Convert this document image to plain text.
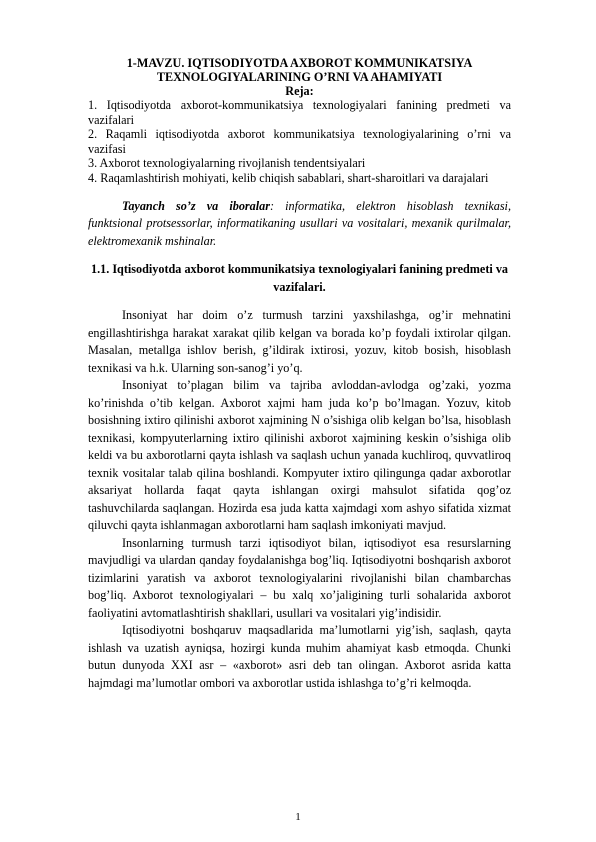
1-MAVZU. IQTISODIYOTDA AXBOROT KOMMUNIKATSIYA TEXNOLOGIYALARINING O’RNI VA AHAMIYATI

Reja:

1. Iqtisodiyotda axborot-kommunikatsiya texnologiyalari fanining predmeti va vazifalari
2. Raqamli iqtisodiyotda axborot kommunikatsiya texnologiyalarining o’rni va vazifasi
3. Axborot texnologiyalarning rivojlanish tendentsiyalari
4. Raqamlashtirish mohiyati, kelib chiqish sabablari, shart-sharoitlari va darajalari

Tayanch so’z va iboralar: informatika, elektron hisoblash texnikasi, funktsional protsessorlar, informatikaning usullari va vositalari, mexanik qurilmalar, elektromexanik mshinalar.

1.1. Iqtisodiyotda axborot kommunikatsiya texnologiyalari fanining predmeti va vazifalari.

Insoniyat har doim o’z turmush tarzini yaxshilashga, og’ir mehnatini engillashtirishga harakat xarakat qilib kelgan va borada ko’p foydali ixtirolar qilgan. Masalan, metallga ishlov berish, g’ildirak ixtirosi, yozuv, kitob bosish, hisoblash texnikasi va h.k. Ularning son-sanog’i yo’q.

Insoniyat to’plagan bilim va tajriba avloddan-avlodga og’zaki, yozma ko’rinishda o’tib kelgan. Axborot xajmi ham juda ko’p bo’lmagan. Yozuv, kitob bosishning ixtiro qilinishi axborot xajmining N o’sishiga olib kelgan bo’lsa, hisoblash texnikasi, kompyuterlarning ixtiro qilinishi axborot xajmining keskin o’sishiga olib keldi va bu axborotlarni qayta ishlash va saqlash uchun yanada kuchliroq, quvvatliroq texnik vositalar talab qilina boshlandi. Kompyuter ixtiro qilingunga qadar axborotlar aksariyat hollarda faqat qayta ishlangan oxirgi mahsulot sifatida qog’oz tashuvchilarda saqlangan. Hozirda esa juda katta xajmdagi xom ashyo sifatida xizmat qiluvchi qayta ishlanmagan axborotlarni ham saqlash imkoniyati mavjud.

Insonlarning turmush tarzi iqtisodiyot bilan, iqtisodiyot esa resurslarning mavjudligi va ulardan qanday foydalanishga bog’liq. Iqtisodiyotni boshqarish axborot tizimlarini yaratish va axborot texnologiyalarini rivojlanishi bilan chambarchas bog’liq. Axborot texnologiyalari – bu xalq xo’jaligining turli sohalarida axborot faoliyatini avtomatlashtirish shakllari, usullari va vositalari yig’indisidir.

Iqtisodiyotni boshqaruv maqsadlarida ma’lumotlarni yig’ish, saqlash, qayta ishlash va uzatish ayniqsa, hozirgi kunda muhim ahamiyat kasb etmoqda. Chunki butun dunyoda XXI asr – «axborot» asri deb tan olingan. Axborot asrida katta hajmdagi ma’lumotlar ombori va axborotlar ustida ishlashga to’g’ri kelmoqda.

1
